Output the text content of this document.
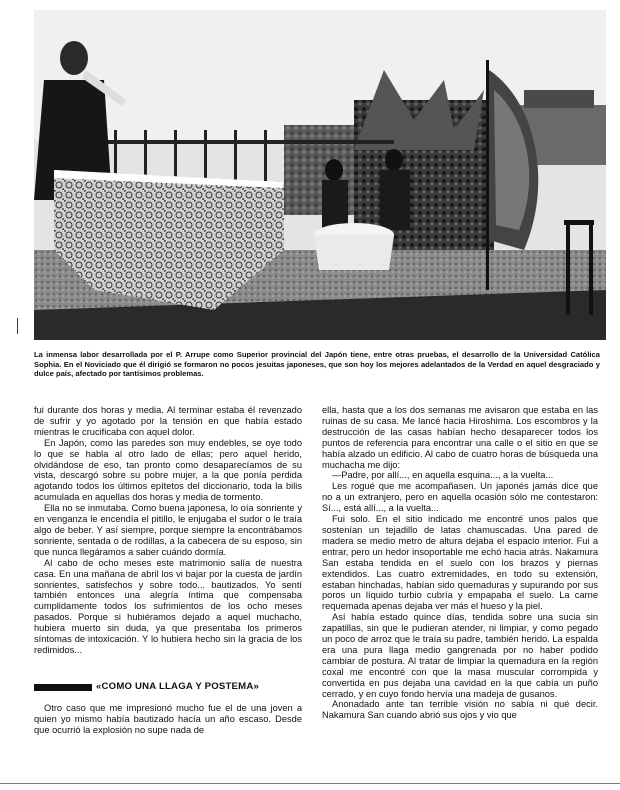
La inmensa labor desarrollada por el P. Arrupe como Superior provincial del Japón tiene, entre otras pruebas, el desarrollo de la Universidad Católica Sophia. En el Noviciado que él dirigió se formaron no pocos jesuitas japoneses, que son hoy los mejores adelantados de la Verdad en aquel desgraciado y dulce país, afectado por tantísimos problemas.

fui durante dos horas y media. Al terminar estaba él revenzado de sufrir y yo agotado por la tensión en que había estado mientras le crucificaba con aquel dolor.

En Japón, como las paredes son muy endebles, se oye todo lo que se habla al otro lado de ellas; pero aquel herido, olvidándose de eso, tan pronto como desaparecíamos de su vista, descargó sobre su pobre mujer, a la que ponía perdida agotando todos los últimos epítetos del diccionario, toda la bilis acumulada en aquellas dos horas y media de tormento.

Ella no se inmutaba. Como buena japonesa, lo oía sonriente y en venganza le encendía el pitillo, le enjugaba el sudor o le traía algo de beber. Y así siempre, porque siempre la encontrábamos sonriente, sentada o de rodillas, a la cabecera de su esposo, sin que nunca llegáramos a saber cuándo dormía.

Al cabo de ocho meses este matrimonio salía de nuestra casa. En una mañana de abril los vi bajar por la cuesta de jardín sonrientes, satisfechos y sobre todo... bautizados. Yo sentí también entonces una alegría íntima que compensaba cumplidamente todos los sufrimientos de los ocho meses pasados. Porque si hubiéramos dejado a aquel muchacho, hubiera muerto sin duda, ya que presentaba los primeros síntomas de intoxicación. Y lo hubiera hecho sin la gracia de los redimidos...

«COMO UNA LLAGA Y POSTEMA»

Otro caso que me impresionó mucho fue el de una joven a quien yo mismo había bautizado hacía un año escaso. Desde que ocurrió la explosión no supe nada de

ella, hasta que a los dos semanas me avisaron que estaba en las ruinas de su casa. Me lancé hacia Hiroshima. Los escombros y la destrucción de las casas habían hecho desaparecer todos los puntos de referencia para encontrar una calle o el sitio en que se había alzado un edificio. Al cabo de cuatro horas de búsqueda una muchacha me dijo:

—Padre, por allí..., en aquella esquina..., a la vuelta...

Les rogué que me acompañasen. Un japonés jamás dice que no a un extranjero, pero en aquella ocasión sólo me contestaron: Sí..., está allí..., a la vuelta...

Fui solo. En el sitio indicado me encontré unos palos que sostenían un tejadillo de latas chamuscadas. Una pared de madera se medio metro de altura dejaba el espacio interior. Fui a entrar, pero un hedor insoportable me echó hacia atrás. Nakamura San estaba tendida en el suelo con los brazos y piernas extendidos. Las cuatro extremidades, en todo su extensión, estaban hinchadas, habían sido quemaduras y supurando por sus poros un líquido turbio cubría y empapaba el suelo. La carne requemada apenas dejaba ver más el hueso y la piel.

Así había estado quince días, tendida sobre una sucia sin zapatillas, sin que le pudieran atender, ni limpiar, y como pegado un poco de arroz que le traía su padre, también herido. La espalda era una pura llaga medio gangrenada por no haber podido cambiar de postura. Al tratar de limpiar la quemadura en la región coxal me encontré con que la masa muscular corrompida y convertida en pus dejaba una cavidad en la que cabía un puño cerrado, y en cuyo fondo hervía una madeja de gusanos.

Anonadado ante tan terrible visión no sabía ni qué decir. Nakamura San cuando abrió sus ojos y vio que
